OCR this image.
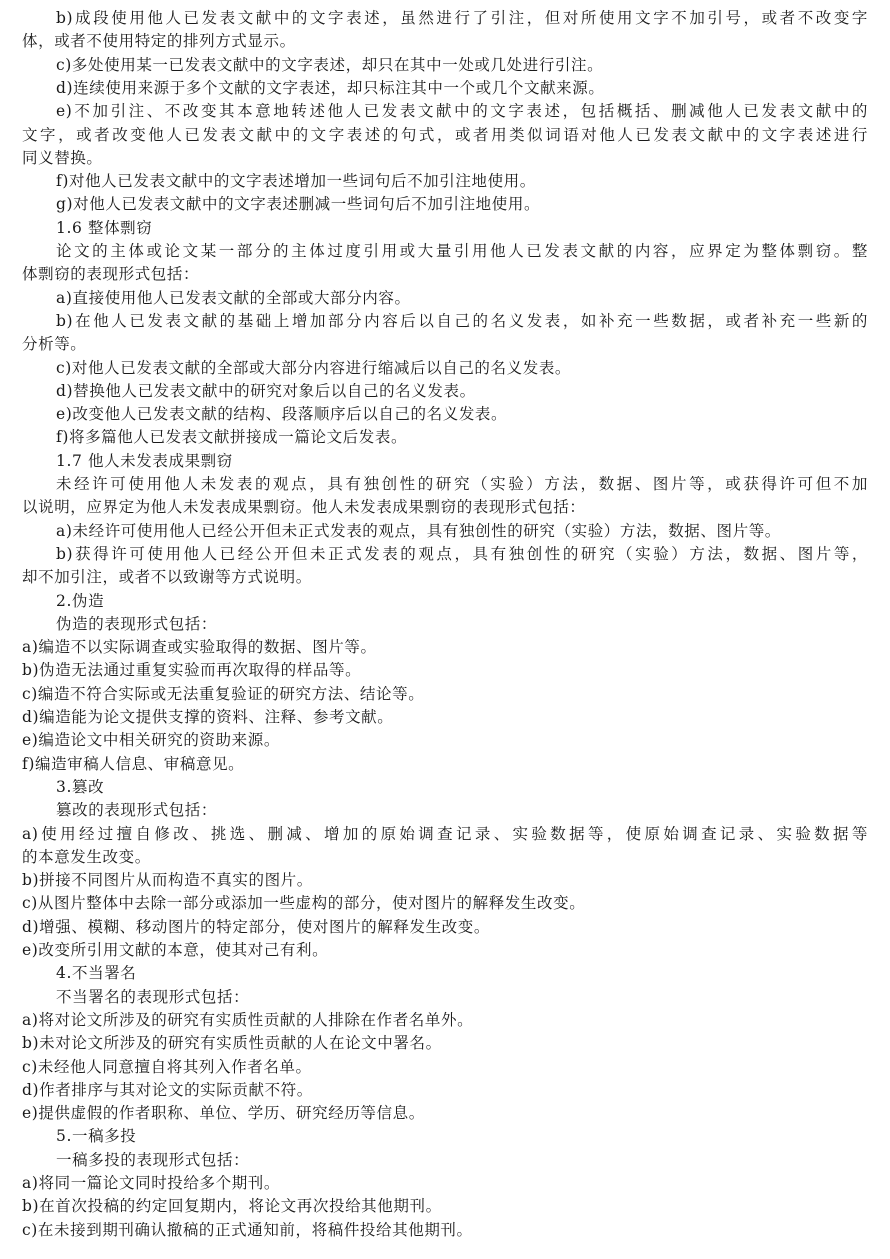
b)成段使用他人已发表文献中的文字表述，虽然进行了引注，但对所使用文字不加引号，或者不改变字
体，或者不使用特定的排列方式显示。
c)多处使用某一已发表文献中的文字表述，却只在其中一处或几处进行引注。
d)连续使用来源于多个文献的文字表述，却只标注其中一个或几个文献来源。
e)不加引注、不改变其本意地转述他人已发表文献中的文字表述，包括概括、删减他人已发表文献中的
文字，或者改变他人已发表文献中的文字表述的句式，或者用类似词语对他人已发表文献中的文字表述进行
同义替换。
f)对他人已发表文献中的文字表述增加一些词句后不加引注地使用。
g)对他人已发表文献中的文字表述删减一些词句后不加引注地使用。
1.6 整体剽窃
论文的主体或论文某一部分的主体过度引用或大量引用他人已发表文献的内容，应界定为整体剽窃。整
体剽窃的表现形式包括：
a)直接使用他人已发表文献的全部或大部分内容。
b)在他人已发表文献的基础上增加部分内容后以自己的名义发表，如补充一些数据，或者补充一些新的
分析等。
c)对他人已发表文献的全部或大部分内容进行缩减后以自己的名义发表。
d)替换他人已发表文献中的研究对象后以自己的名义发表。
e)改变他人已发表文献的结构、段落顺序后以自己的名义发表。
f)将多篇他人已发表文献拼接成一篇论文后发表。
1.7 他人未发表成果剽窃
未经许可使用他人未发表的观点，具有独创性的研究（实验）方法，数据、图片等，或获得许可但不加
以说明，应界定为他人未发表成果剽窃。他人未发表成果剽窃的表现形式包括：
a)未经许可使用他人已经公开但未正式发表的观点，具有独创性的研究（实验）方法，数据、图片等。
b)获得许可使用他人已经公开但未正式发表的观点，具有独创性的研究（实验）方法，数据、图片等，
却不加引注，或者不以致谢等方式说明。
2.伪造
伪造的表现形式包括：
a)编造不以实际调查或实验取得的数据、图片等。
b)伪造无法通过重复实验而再次取得的样品等。
c)编造不符合实际或无法重复验证的研究方法、结论等。
d)编造能为论文提供支撑的资料、注释、参考文献。
e)编造论文中相关研究的资助来源。
f)编造审稿人信息、审稿意见。
3.篡改
篡改的表现形式包括：
a)使用经过擅自修改、挑选、删减、增加的原始调查记录、实验数据等，使原始调查记录、实验数据等
的本意发生改变。
b)拼接不同图片从而构造不真实的图片。
c)从图片整体中去除一部分或添加一些虚构的部分，使对图片的解释发生改变。
d)增强、模糊、移动图片的特定部分，使对图片的解释发生改变。
e)改变所引用文献的本意，使其对己有利。
4.不当署名
不当署名的表现形式包括：
a)将对论文所涉及的研究有实质性贡献的人排除在作者名单外。
b)未对论文所涉及的研究有实质性贡献的人在论文中署名。
c)未经他人同意擅自将其列入作者名单。
d)作者排序与其对论文的实际贡献不符。
e)提供虚假的作者职称、单位、学历、研究经历等信息。
5.一稿多投
一稿多投的表现形式包括：
a)将同一篇论文同时投给多个期刊。
b)在首次投稿的约定回复期内，将论文再次投给其他期刊。
c)在未接到期刊确认撤稿的正式通知前，将稿件投给其他期刊。
